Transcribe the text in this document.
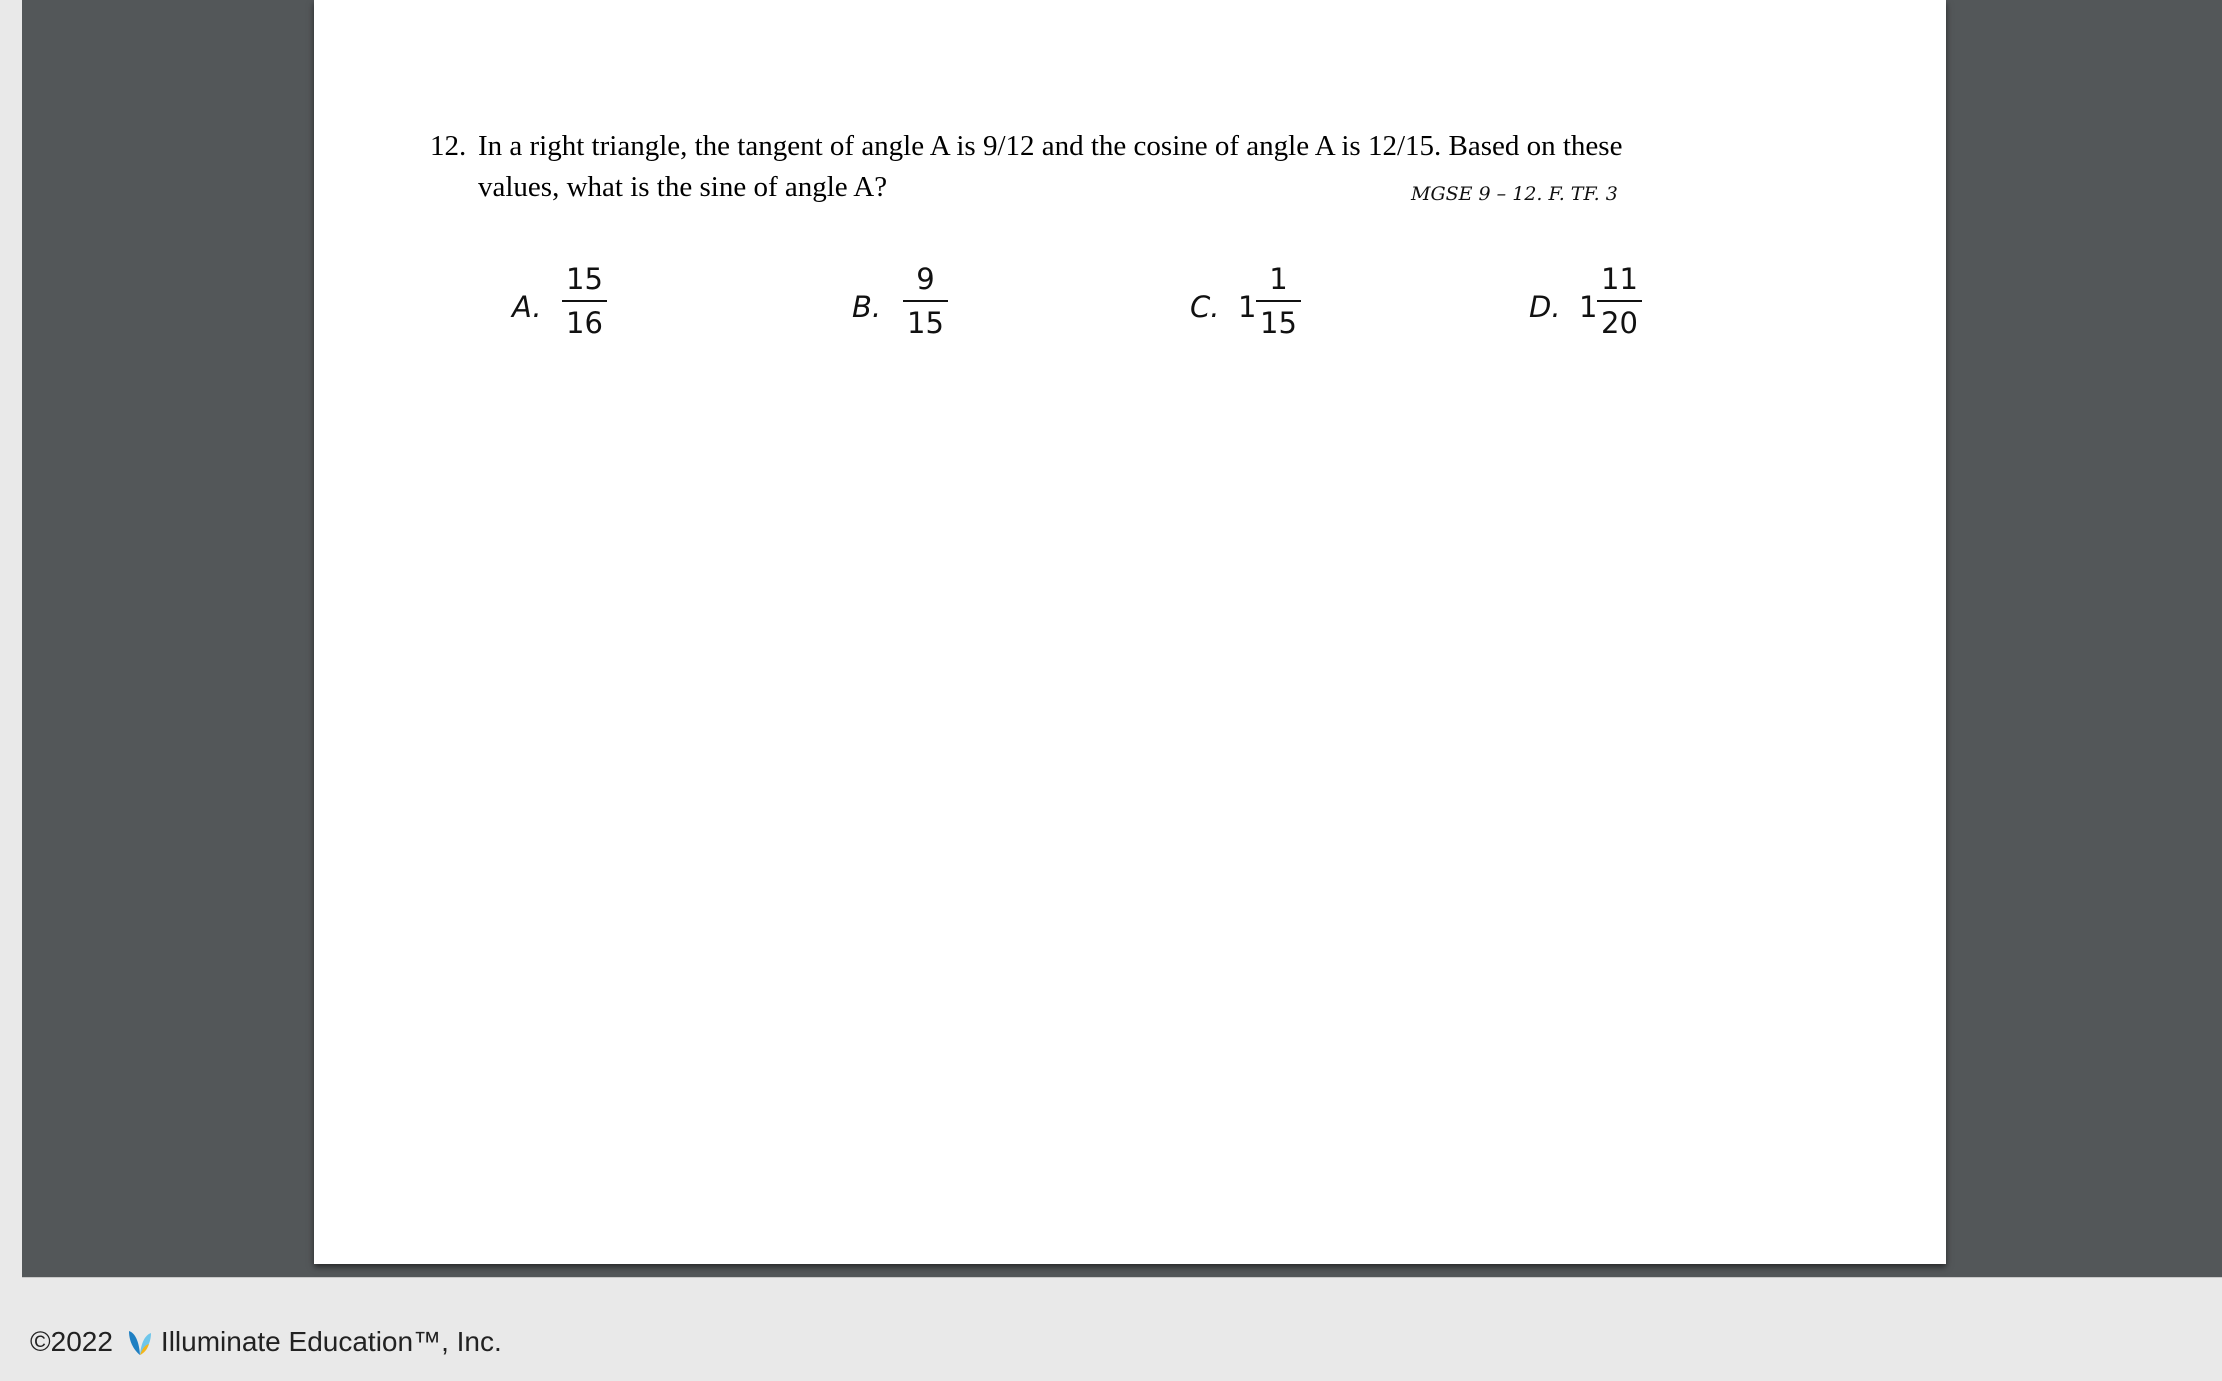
12. In a right triangle, the tangent of angle A is 9/12 and the cosine of angle A is 12/15. Based on these
values, what is the sine of angle A?	MGSE 9 – 12. F. TF. 3
A.
15
16	B.
9
15	C. 1
1
15	D. 1
11
20
©2022 Illuminate Education™, Inc.
